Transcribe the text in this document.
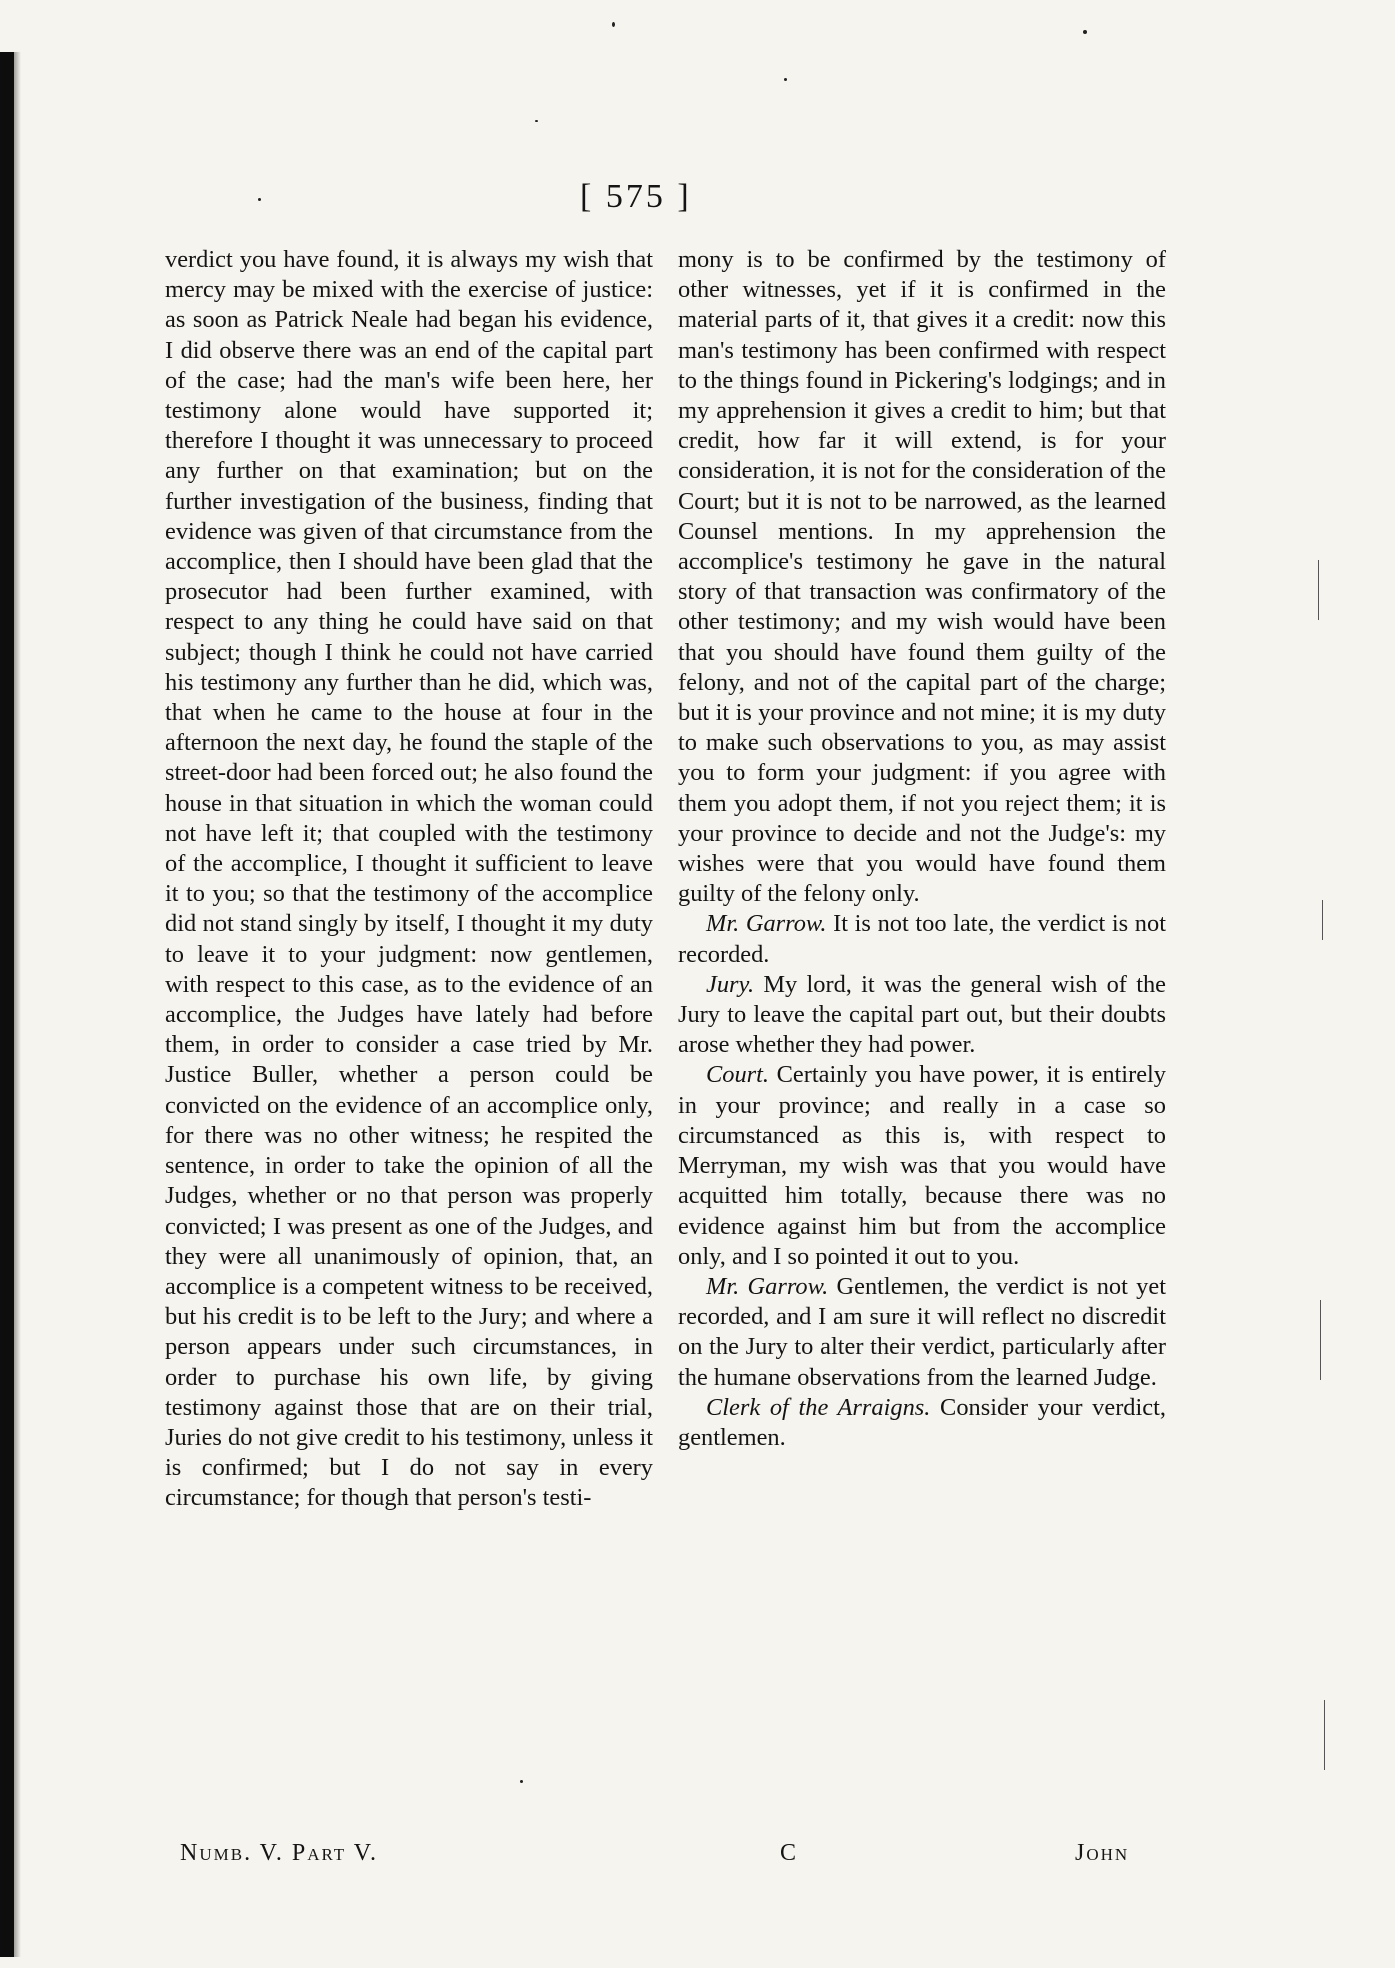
[ 575 ]

verdict you have found, it is always my wish that mercy may be mixed with the exercise of justice: as soon as Patrick Neale had began his evidence, I did observe there was an end of the capital part of the case; had the man's wife been here, her testimony alone would have supported it; therefore I thought it was unnecessary to proceed any further on that examination; but on the further investigation of the business, finding that evidence was given of that circumstance from the accomplice, then I should have been glad that the prosecutor had been further examined, with respect to any thing he could have said on that subject; though I think he could not have carried his testimony any further than he did, which was, that when he came to the house at four in the afternoon the next day, he found the staple of the street-door had been forced out; he also found the house in that situation in which the woman could not have left it; that coupled with the testimony of the accomplice, I thought it sufficient to leave it to you; so that the testimony of the accomplice did not stand singly by itself, I thought it my duty to leave it to your judgment: now gentlemen, with respect to this case, as to the evidence of an accomplice, the Judges have lately had before them, in order to consider a case tried by Mr. Justice Buller, whether a person could be convicted on the evidence of an accomplice only, for there was no other witness; he respited the sentence, in order to take the opinion of all the Judges, whether or no that person was properly convicted; I was present as one of the Judges, and they were all unanimously of opinion, that, an accomplice is a competent witness to be received, but his credit is to be left to the Jury; and where a person appears under such circumstances, in order to purchase his own life, by giving testimony against those that are on their trial, Juries do not give credit to his testimony, unless it is confirmed; but I do not say in every circumstance; for though that person's testi-

mony is to be confirmed by the testimony of other witnesses, yet if it is confirmed in the material parts of it, that gives it a credit: now this man's testimony has been confirmed with respect to the things found in Pickering's lodgings; and in my apprehension it gives a credit to him; but that credit, how far it will extend, is for your consideration, it is not for the consideration of the Court; but it is not to be narrowed, as the learned Counsel mentions. In my apprehension the accomplice's testimony he gave in the natural story of that transaction was confirmatory of the other testimony; and my wish would have been that you should have found them guilty of the felony, and not of the capital part of the charge; but it is your province and not mine; it is my duty to make such observations to you, as may assist you to form your judgment: if you agree with them you adopt them, if not you reject them; it is your province to decide and not the Judge's: my wishes were that you would have found them guilty of the felony only.

Mr. Garrow. It is not too late, the verdict is not recorded.

Jury. My lord, it was the general wish of the Jury to leave the capital part out, but their doubts arose whether they had power.

Court. Certainly you have power, it is entirely in your province; and really in a case so circumstanced as this is, with respect to Merryman, my wish was that you would have acquitted him totally, because there was no evidence against him but from the accomplice only, and I so pointed it out to you.

Mr. Garrow. Gentlemen, the verdict is not yet recorded, and I am sure it will reflect no discredit on the Jury to alter their verdict, particularly after the humane observations from the learned Judge.

Clerk of the Arraigns. Consider your verdict, gentlemen.

Numb. V. Part V.	C	John
